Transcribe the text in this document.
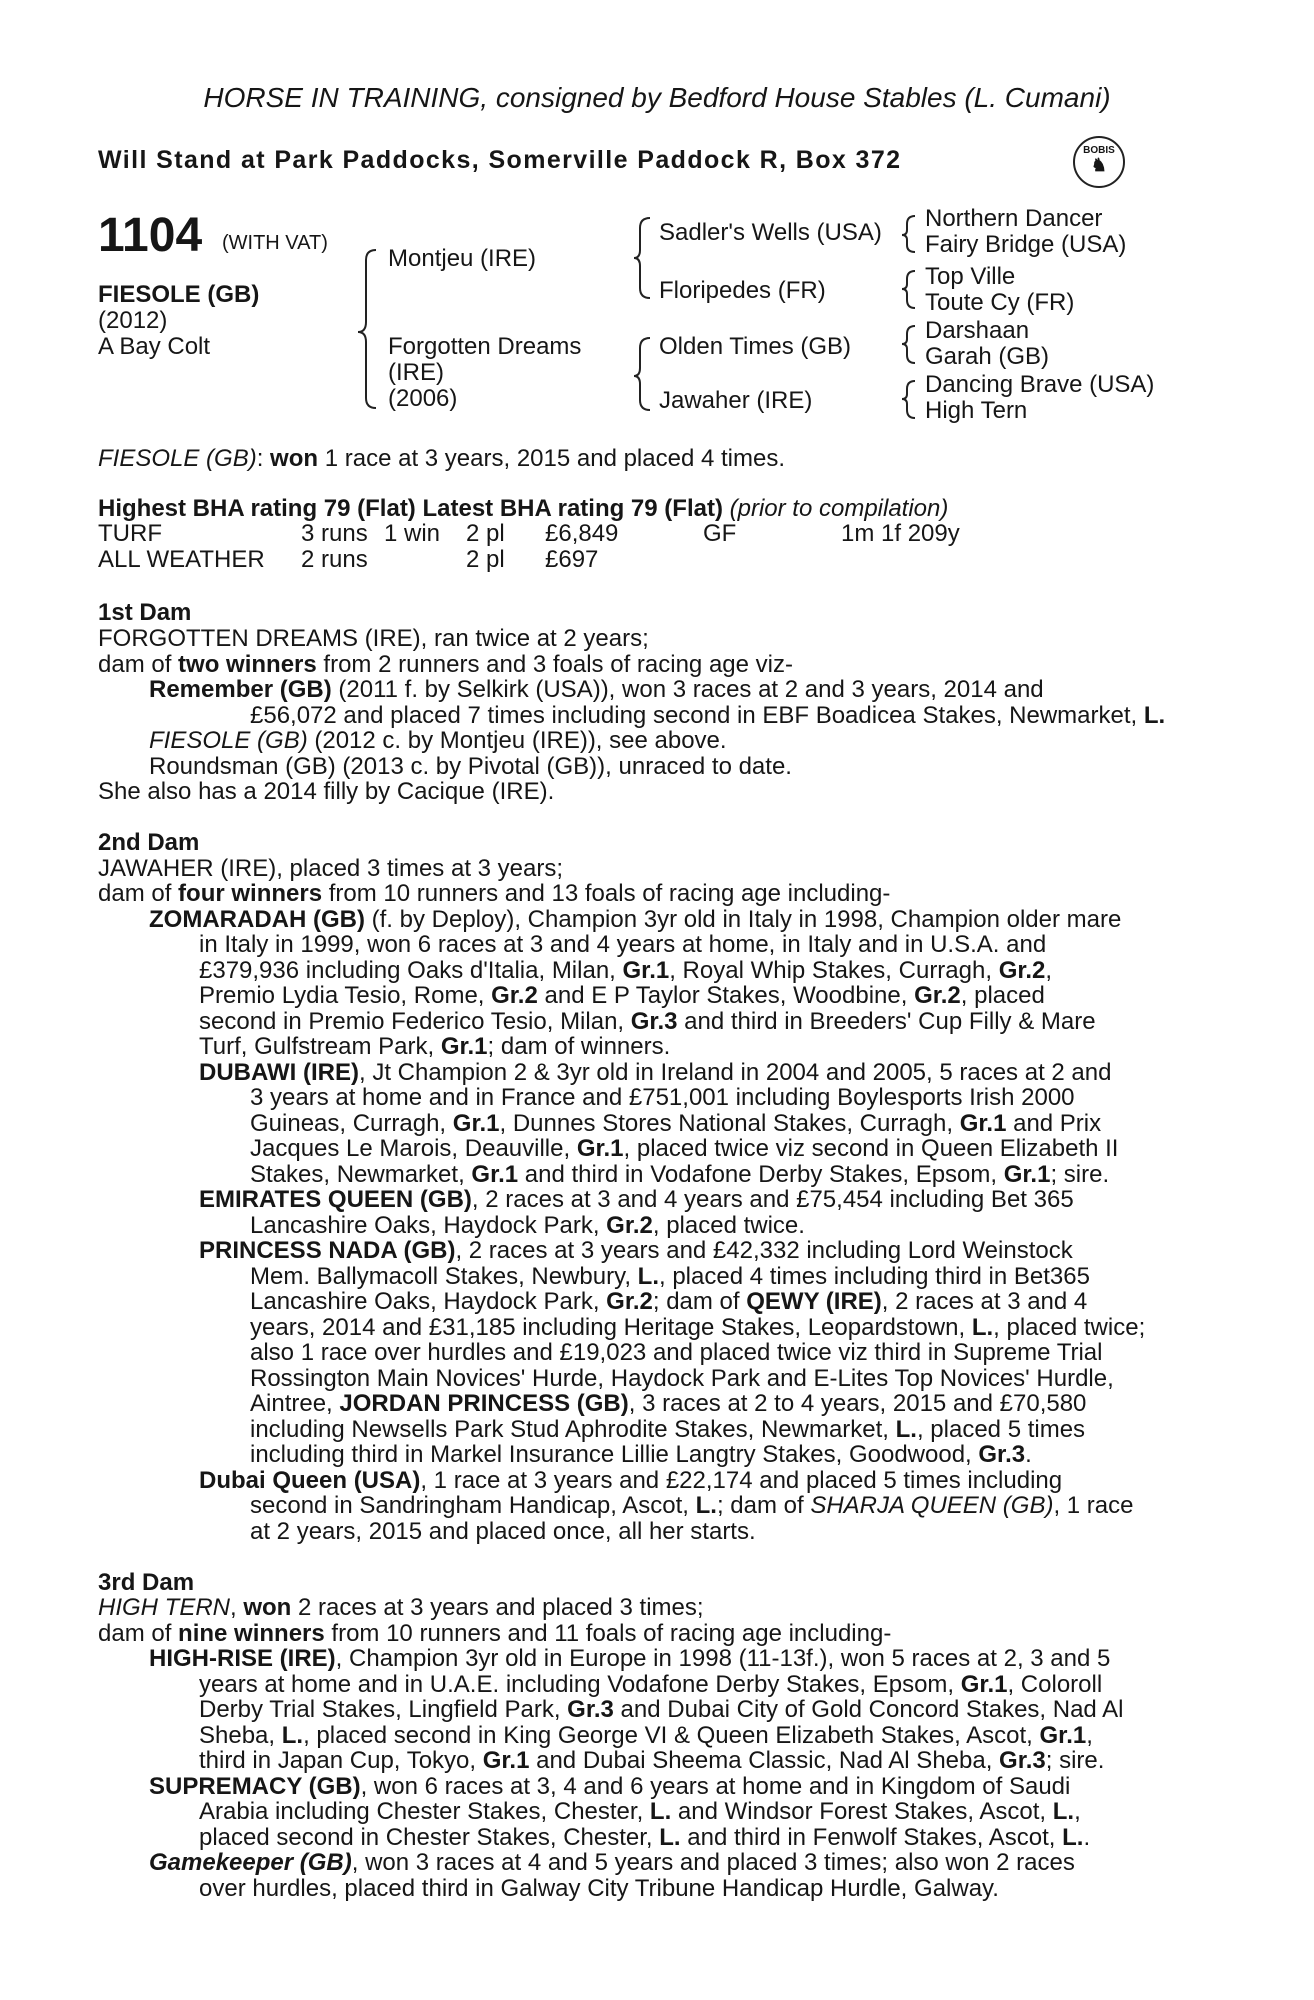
HORSE IN TRAINING, consigned by Bedford House Stables (L. Cumani)
Will Stand at Park Paddocks, Somerville Paddock R, Box 372	BOBIS
♞
1104 (WITH VAT)
FIESOLE (GB)
(2012)
A Bay Colt
Montjeu (IRE)
Forgotten Dreams
(IRE)
(2006)
Sadler's Wells (USA)
Floripedes (FR)
Olden Times (GB)
Jawaher (IRE)
Northern Dancer
Fairy Bridge (USA)
Top Ville
Toute Cy (FR)
Darshaan
Garah (GB)
Dancing Brave (USA)
High Tern
FIESOLE (GB): won 1 race at 3 years, 2015 and placed 4 times.
Highest BHA rating 79 (Flat) Latest BHA rating 79 (Flat) (prior to compilation)
TURF	3 runs 1 win 2 pl £6,849	GF	1m 1f 209y
ALL WEATHER 2 runs	2 pl £697
1st Dam
FORGOTTEN DREAMS (IRE), ran twice at 2 years;
dam of two winners from 2 runners and 3 foals of racing age viz-
Remember (GB) (2011 f. by Selkirk (USA)), won 3 races at 2 and 3 years, 2014 and
£56,072 and placed 7 times including second in EBF Boadicea Stakes, Newmarket, L.
FIESOLE (GB) (2012 c. by Montjeu (IRE)), see above.
Roundsman (GB) (2013 c. by Pivotal (GB)), unraced to date.
She also has a 2014 filly by Cacique (IRE).
2nd Dam
JAWAHER (IRE), placed 3 times at 3 years;
dam of four winners from 10 runners and 13 foals of racing age including-
ZOMARADAH (GB) (f. by Deploy), Champion 3yr old in Italy in 1998, Champion older mare
in Italy in 1999, won 6 races at 3 and 4 years at home, in Italy and in U.S.A. and
£379,936 including Oaks d'Italia, Milan, Gr.1, Royal Whip Stakes, Curragh, Gr.2,
Premio Lydia Tesio, Rome, Gr.2 and E P Taylor Stakes, Woodbine, Gr.2, placed
second in Premio Federico Tesio, Milan, Gr.3 and third in Breeders' Cup Filly & Mare
Turf, Gulfstream Park, Gr.1; dam of winners.
DUBAWI (IRE), Jt Champion 2 & 3yr old in Ireland in 2004 and 2005, 5 races at 2 and
3 years at home and in France and £751,001 including Boylesports Irish 2000
Guineas, Curragh, Gr.1, Dunnes Stores National Stakes, Curragh, Gr.1 and Prix
Jacques Le Marois, Deauville, Gr.1, placed twice viz second in Queen Elizabeth II
Stakes, Newmarket, Gr.1 and third in Vodafone Derby Stakes, Epsom, Gr.1; sire.
EMIRATES QUEEN (GB), 2 races at 3 and 4 years and £75,454 including Bet 365
Lancashire Oaks, Haydock Park, Gr.2, placed twice.
PRINCESS NADA (GB), 2 races at 3 years and £42,332 including Lord Weinstock
Mem. Ballymacoll Stakes, Newbury, L., placed 4 times including third in Bet365
Lancashire Oaks, Haydock Park, Gr.2; dam of QEWY (IRE), 2 races at 3 and 4
years, 2014 and £31,185 including Heritage Stakes, Leopardstown, L., placed twice;
also 1 race over hurdles and £19,023 and placed twice viz third in Supreme Trial
Rossington Main Novices' Hurde, Haydock Park and E-Lites Top Novices' Hurdle,
Aintree, JORDAN PRINCESS (GB), 3 races at 2 to 4 years, 2015 and £70,580
including Newsells Park Stud Aphrodite Stakes, Newmarket, L., placed 5 times
including third in Markel Insurance Lillie Langtry Stakes, Goodwood, Gr.3.
Dubai Queen (USA), 1 race at 3 years and £22,174 and placed 5 times including
second in Sandringham Handicap, Ascot, L.; dam of SHARJA QUEEN (GB), 1 race
at 2 years, 2015 and placed once, all her starts.
3rd Dam
HIGH TERN, won 2 races at 3 years and placed 3 times;
dam of nine winners from 10 runners and 11 foals of racing age including-
HIGH-RISE (IRE), Champion 3yr old in Europe in 1998 (11-13f.), won 5 races at 2, 3 and 5
years at home and in U.A.E. including Vodafone Derby Stakes, Epsom, Gr.1, Coloroll
Derby Trial Stakes, Lingfield Park, Gr.3 and Dubai City of Gold Concord Stakes, Nad Al
Sheba, L., placed second in King George VI & Queen Elizabeth Stakes, Ascot, Gr.1,
third in Japan Cup, Tokyo, Gr.1 and Dubai Sheema Classic, Nad Al Sheba, Gr.3; sire.
SUPREMACY (GB), won 6 races at 3, 4 and 6 years at home and in Kingdom of Saudi
Arabia including Chester Stakes, Chester, L. and Windsor Forest Stakes, Ascot, L.,
placed second in Chester Stakes, Chester, L. and third in Fenwolf Stakes, Ascot, L..
Gamekeeper (GB), won 3 races at 4 and 5 years and placed 3 times; also won 2 races
over hurdles, placed third in Galway City Tribune Handicap Hurdle, Galway.
